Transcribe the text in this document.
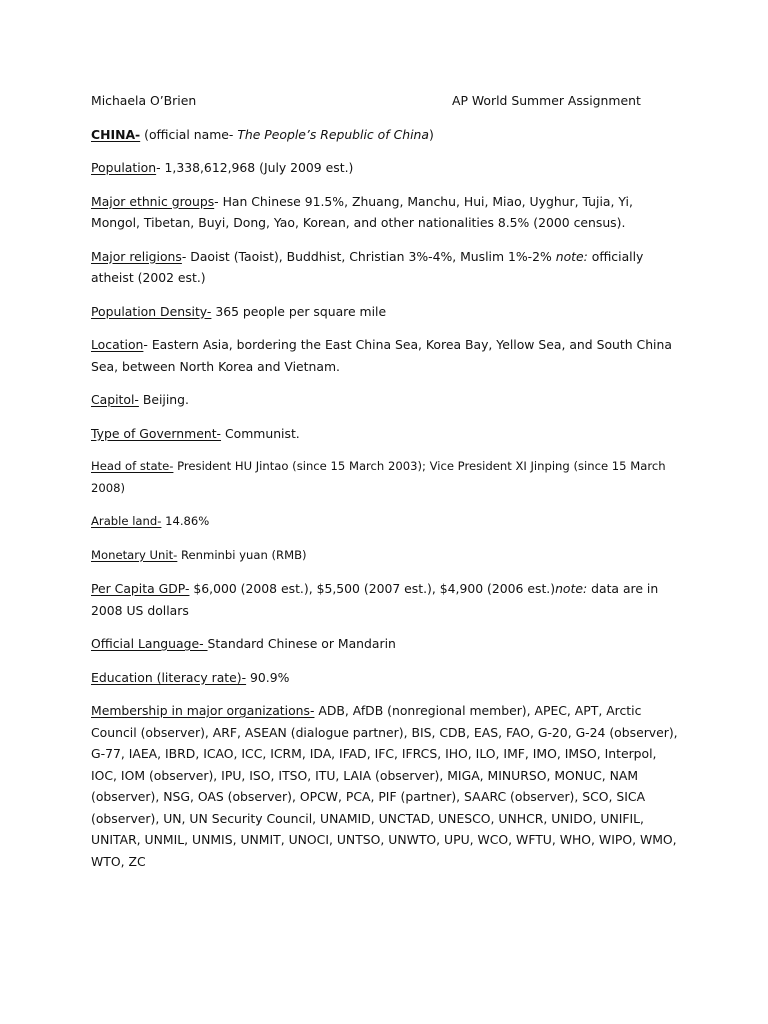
Michaela O’Brien	AP World Summer Assignment

CHINA- (official name- The People’s Republic of China)

Population- 1,338,612,968 (July 2009 est.)

Major ethnic groups- Han Chinese 91.5%, Zhuang, Manchu, Hui, Miao, Uyghur, Tujia, Yi, Mongol, Tibetan, Buyi, Dong, Yao, Korean, and other nationalities 8.5% (2000 census).

Major religions- Daoist (Taoist), Buddhist, Christian 3%-4%, Muslim 1%-2% note: officially atheist (2002 est.)

Population Density- 365 people per square mile

Location- Eastern Asia, bordering the East China Sea, Korea Bay, Yellow Sea, and South China Sea, between North Korea and Vietnam.

Capitol- Beijing.

Type of Government- Communist.

Head of state- President HU Jintao (since 15 March 2003); Vice President XI Jinping (since 15 March 2008)

Arable land- 14.86%

Monetary Unit- Renminbi yuan (RMB)

Per Capita GDP- $6,000 (2008 est.), $5,500 (2007 est.), $4,900 (2006 est.)note: data are in 2008 US dollars

Official Language- Standard Chinese or Mandarin

Education (literacy rate)- 90.9%

Membership in major organizations- ADB, AfDB (nonregional member), APEC, APT, Arctic Council (observer), ARF, ASEAN (dialogue partner), BIS, CDB, EAS, FAO, G-20, G-24 (observer), G-77, IAEA, IBRD, ICAO, ICC, ICRM, IDA, IFAD, IFC, IFRCS, IHO, ILO, IMF, IMO, IMSO, Interpol, IOC, IOM (observer), IPU, ISO, ITSO, ITU, LAIA (observer), MIGA, MINURSO, MONUC, NAM (observer), NSG, OAS (observer), OPCW, PCA, PIF (partner), SAARC (observer), SCO, SICA (observer), UN, UN Security Council, UNAMID, UNCTAD, UNESCO, UNHCR, UNIDO, UNIFIL, UNITAR, UNMIL, UNMIS, UNMIT, UNOCI, UNTSO, UNWTO, UPU, WCO, WFTU, WHO, WIPO, WMO, WTO, ZC
